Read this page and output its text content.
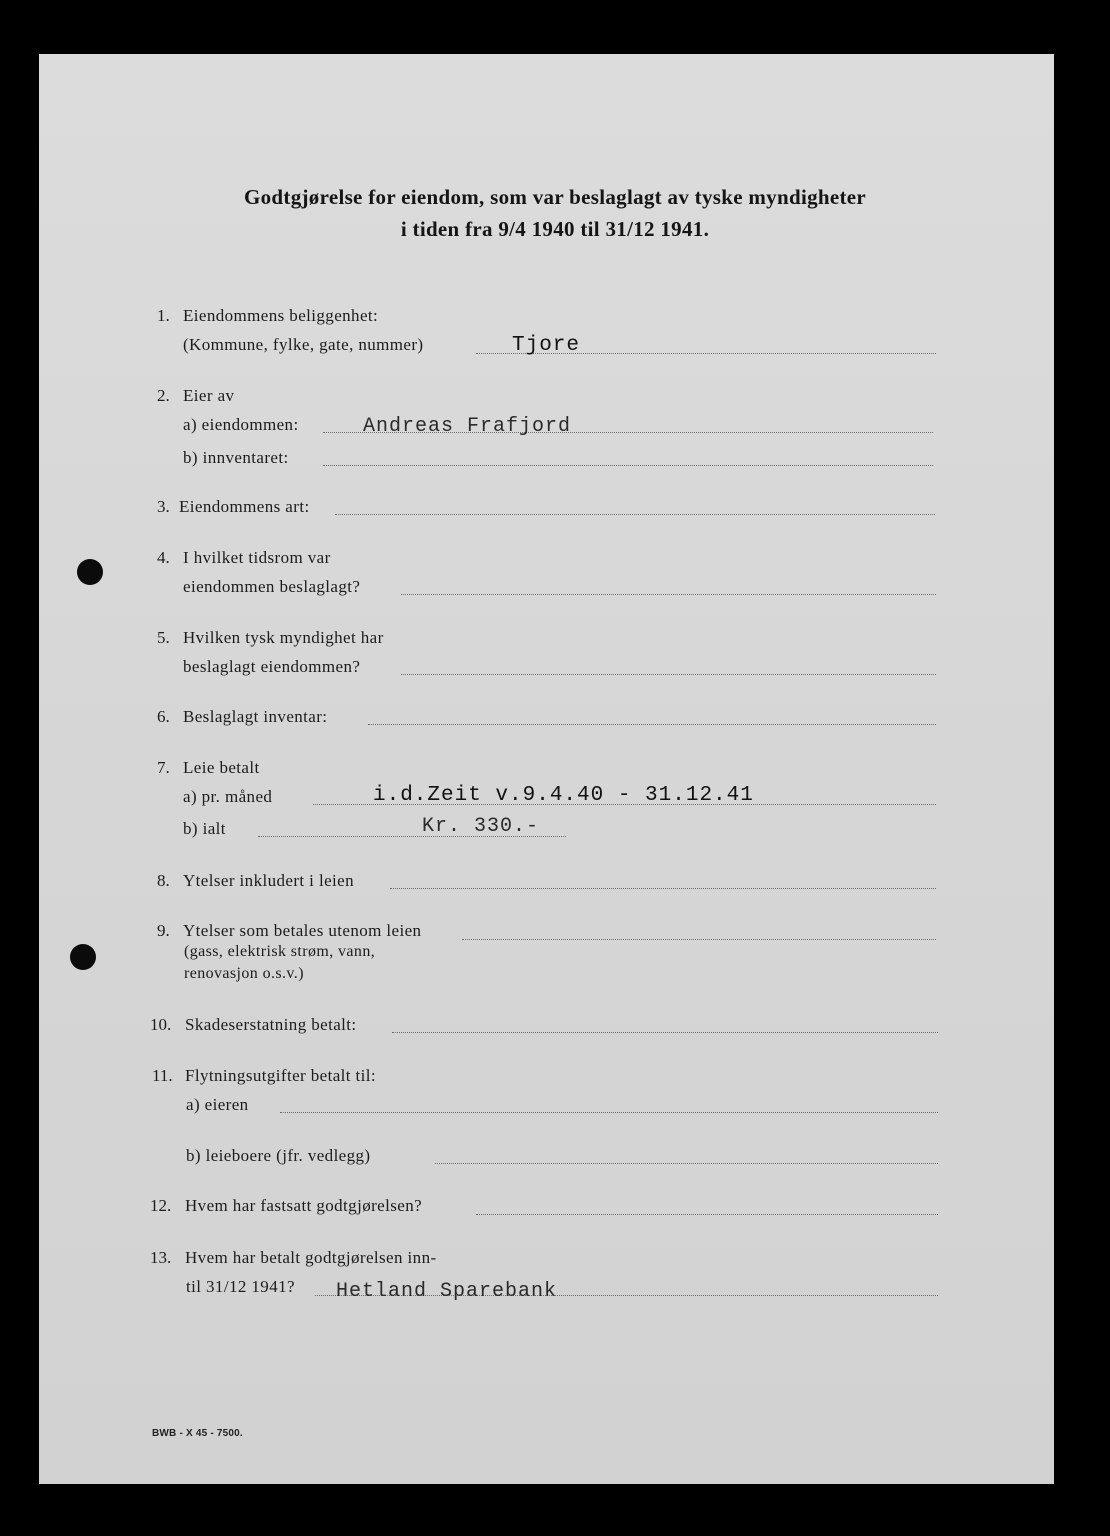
Godtgjørelse for eiendom, som var beslaglagt av tyske myndigheter
i tiden fra 9/4 1940 til 31/12 1941.
1. Eiendommens beliggenhet:
(Kommune, fylke, gate, nummer)	Tjore
2. Eier av
a) eiendommen:	Andreas Frafjord
b) innventaret:
3. Eiendommens art:
4. I hvilket tidsrom var
eiendommen beslaglagt?
5. Hvilken tysk myndighet har
beslaglagt eiendommen?
6. Beslaglagt inventar:
7. Leie betalt
a) pr. måned	i.d.Zeit v.9.4.40 - 31.12.41
b) ialt	Kr. 330.-
8. Ytelser inkludert i leien
9. Ytelser som betales utenom leien
(gass, elektrisk strøm, vann,
renovasjon o.s.v.)
10. Skadeserstatning betalt:
11. Flytningsutgifter betalt til:
a) eieren
b) leieboere (jfr. vedlegg)
12. Hvem har fastsatt godtgjørelsen?
13. Hvem har betalt godtgjørelsen inn-
til 31/12 1941? Hetland Sparebank
BWB - X 45 - 7500.
